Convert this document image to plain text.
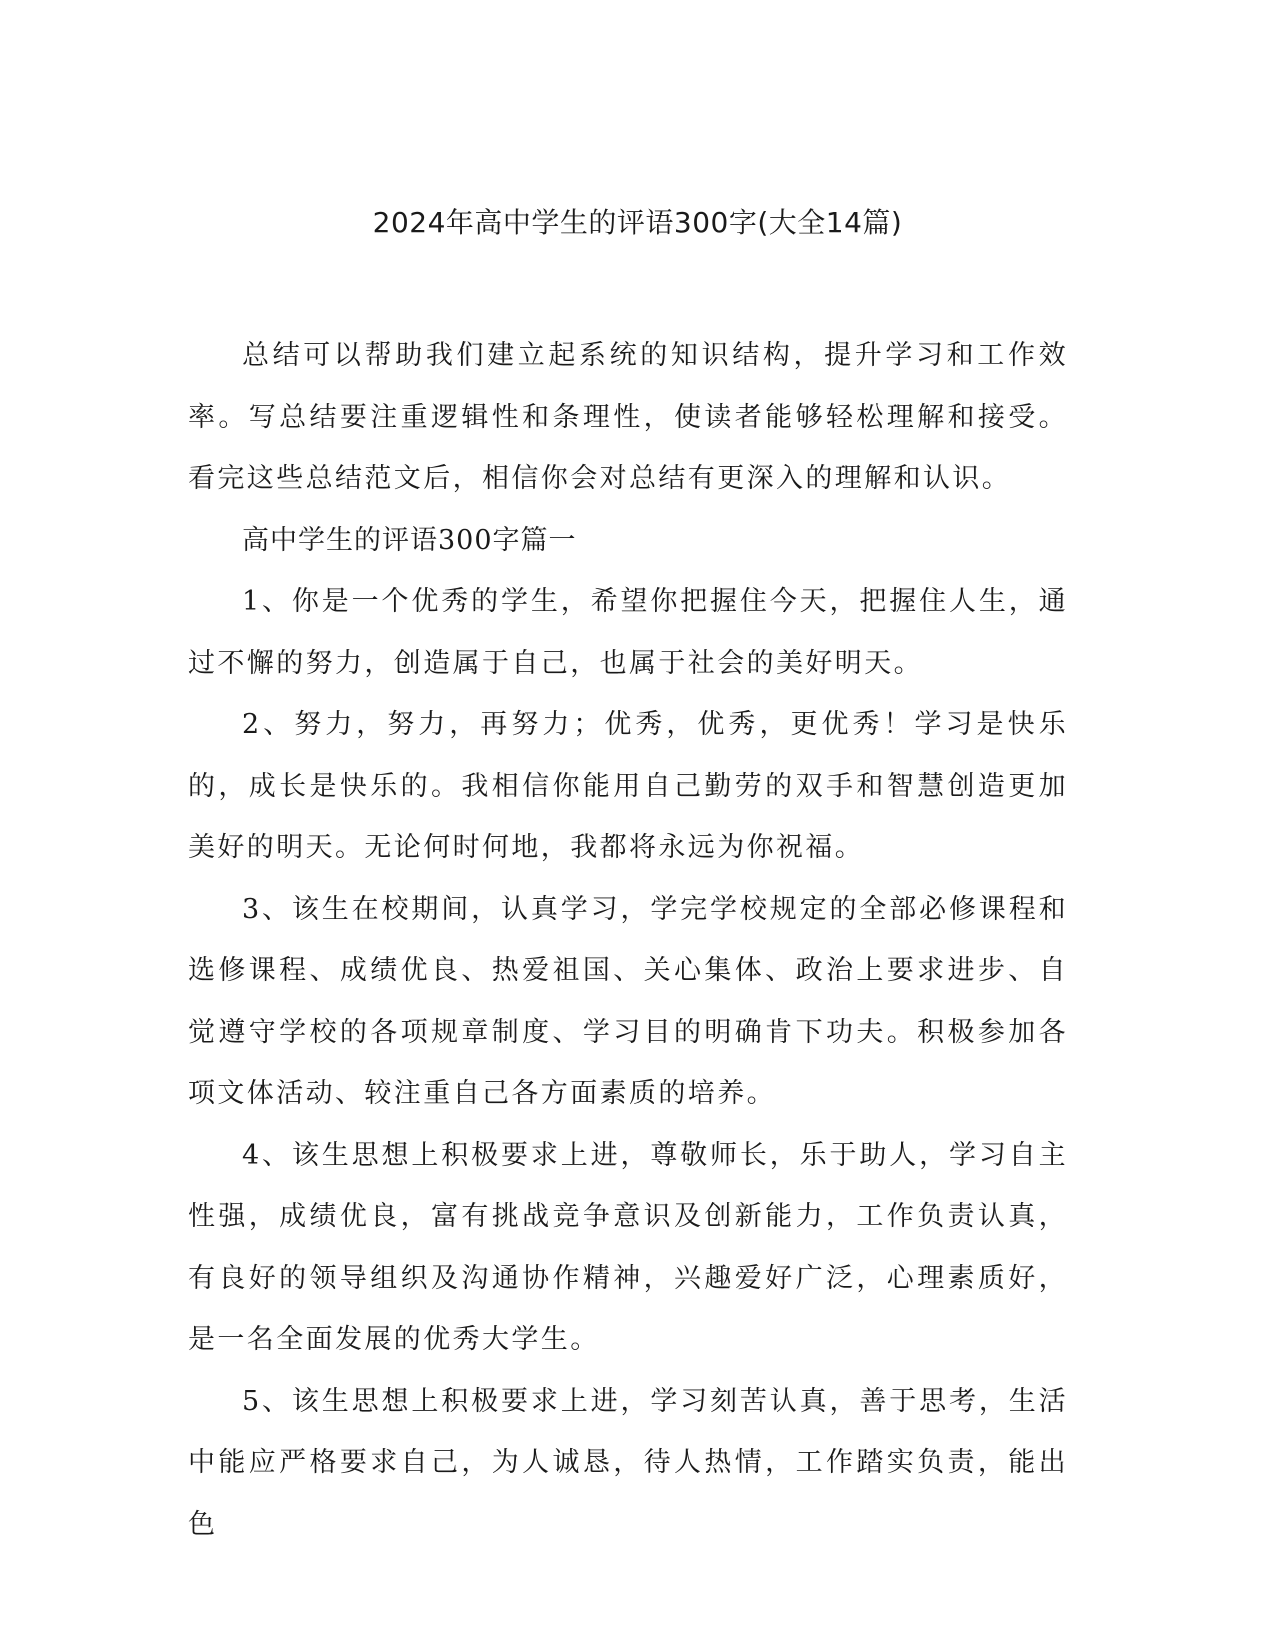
2024年高中学生的评语300字(大全14篇)

总结可以帮助我们建立起系统的知识结构，提升学习和工作效率。写总结要注重逻辑性和条理性，使读者能够轻松理解和接受。看完这些总结范文后，相信你会对总结有更深入的理解和认识。

高中学生的评语300字篇一

1、你是一个优秀的学生，希望你把握住今天，把握住人生，通过不懈的努力，创造属于自己，也属于社会的美好明天。

2、努力，努力，再努力；优秀，优秀，更优秀！学习是快乐的，成长是快乐的。我相信你能用自己勤劳的双手和智慧创造更加美好的明天。无论何时何地，我都将永远为你祝福。

3、该生在校期间，认真学习，学完学校规定的全部必修课程和选修课程、成绩优良、热爱祖国、关心集体、政治上要求进步、自觉遵守学校的各项规章制度、学习目的明确肯下功夫。积极参加各项文体活动、较注重自己各方面素质的培养。

4、该生思想上积极要求上进，尊敬师长，乐于助人，学习自主性强，成绩优良，富有挑战竞争意识及创新能力，工作负责认真，有良好的领导组织及沟通协作精神，兴趣爱好广泛，心理素质好，是一名全面发展的优秀大学生。

5、该生思想上积极要求上进，学习刻苦认真，善于思考，生活中能应严格要求自己，为人诚恳，待人热情，工作踏实负责，能出色
